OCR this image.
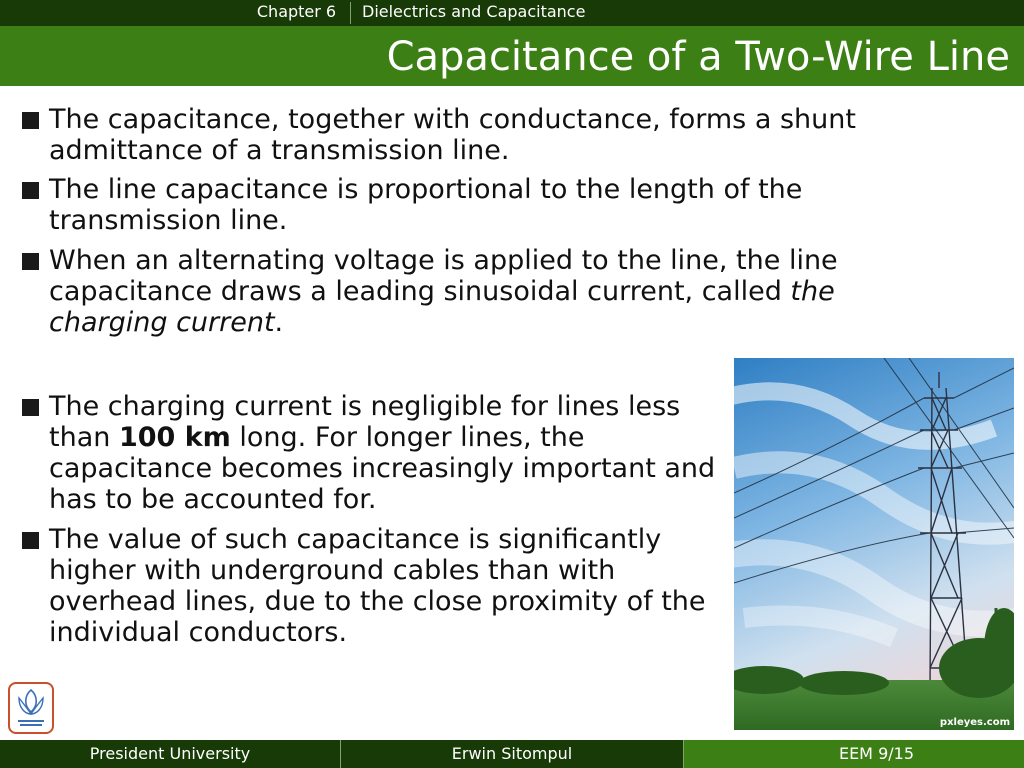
Chapter 6	Dielectrics and Capacitance
Capacitance of a Two-Wire Line
The capacitance, together with conductance, forms a shunt admittance of a transmission line.
The line capacitance is proportional to the length of the transmission line.
When an alternating voltage is applied to the line, the line capacitance draws a leading sinusoidal current, called the charging current.
The charging current is negligible for lines less than 100 km long. For longer lines, the capacitance becomes increasingly important and has to be accounted for.
The value of such capacitance is significantly higher with underground cables than with overhead lines, due to the close proximity of the individual conductors.
pxleyes.com
President University	Erwin Sitompul	EEM 9/15
